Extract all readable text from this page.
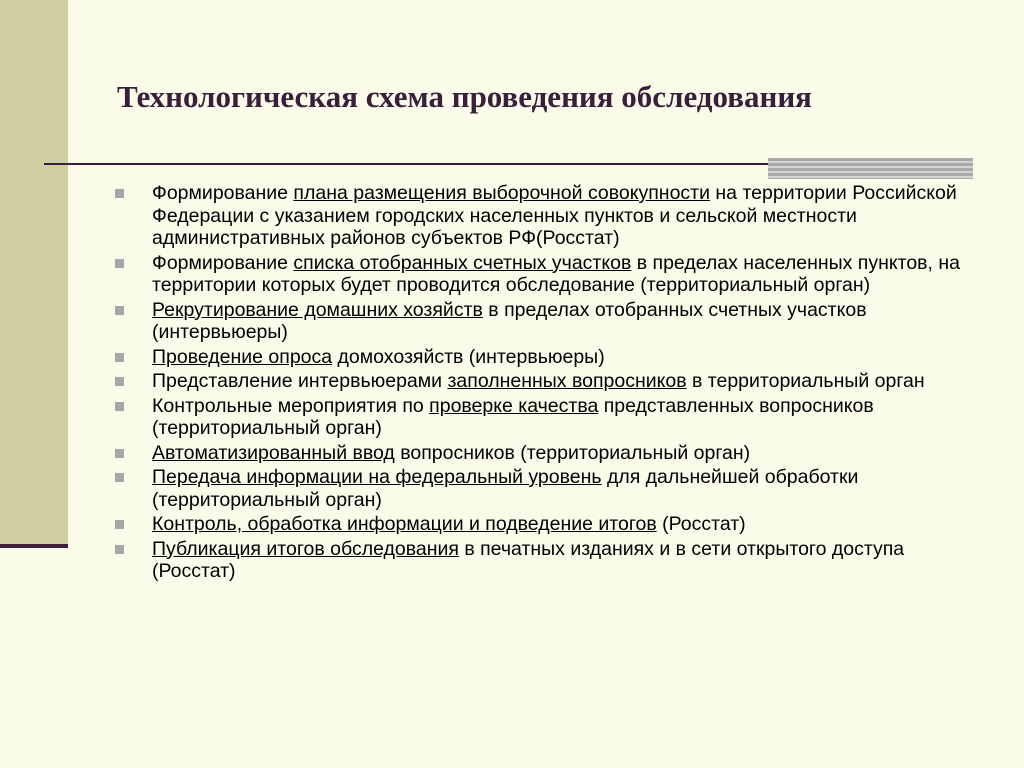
Технологическая схема проведения обследования
Формирование плана размещения выборочной совокупности на территории Российской Федерации с указанием городских населенных пунктов и сельской местности административных районов субъектов РФ(Росстат)
Формирование списка отобранных счетных участков в пределах населенных пунктов, на территории которых будет проводится обследование (территориальный орган)
Рекрутирование домашних хозяйств в пределах отобранных счетных участков (интервьюеры)
Проведение опроса домохозяйств (интервьюеры)
Представление интервьюерами заполненных вопросников в территориальный орган
Контрольные мероприятия по проверке качества представленных вопросников (территориальный орган)
Автоматизированный ввод вопросников (территориальный орган)
Передача информации на федеральный уровень для дальнейшей обработки (территориальный орган)
Контроль, обработка информации и подведение итогов (Росстат)
Публикация итогов обследования в печатных изданиях и в сети открытого доступа (Росстат)
